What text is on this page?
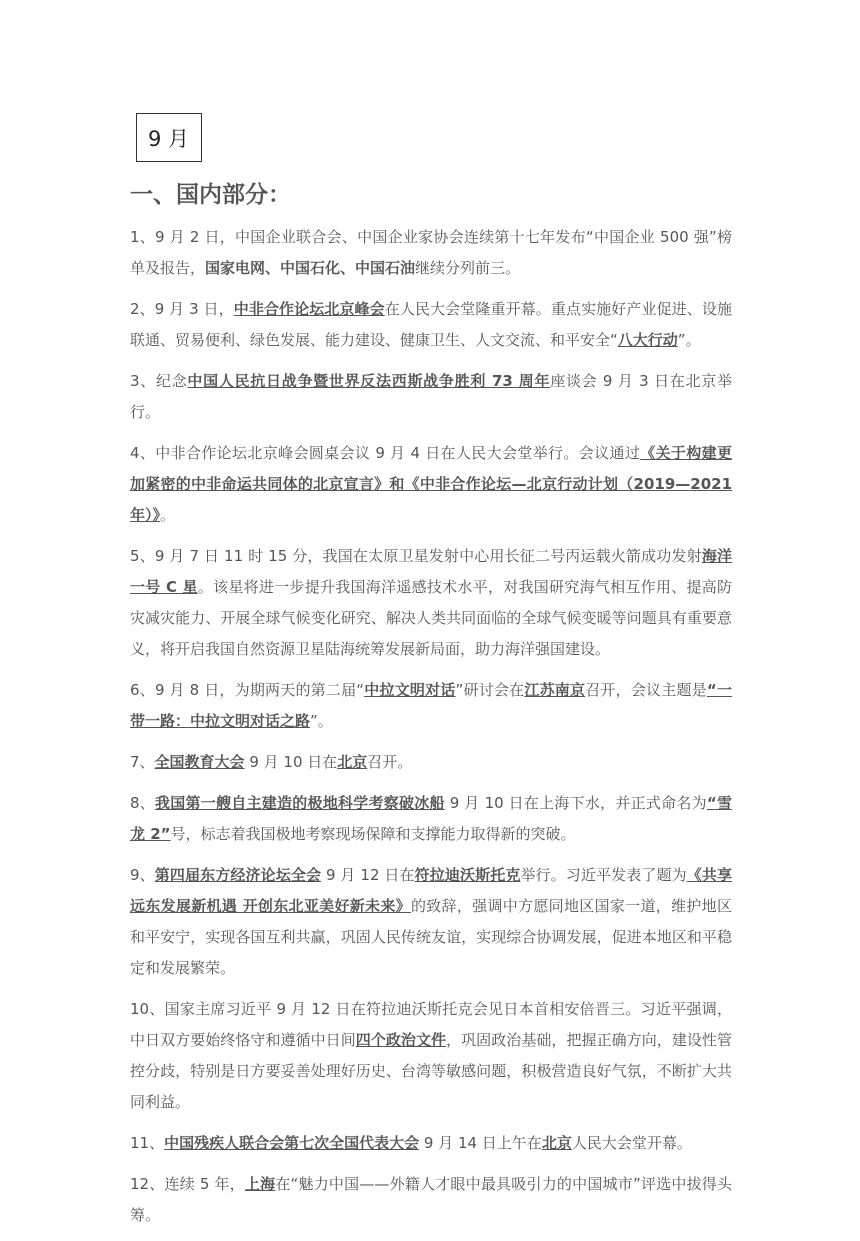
9 月
一、国内部分：

1、9 月 2 日，中国企业联合会、中国企业家协会连续第十七年发布“中国企业 500 强”榜单及报告，国家电网、中国石化、中国石油继续分列前三。

2、9 月 3 日，中非合作论坛北京峰会在人民大会堂隆重开幕。重点实施好产业促进、设施联通、贸易便利、绿色发展、能力建设、健康卫生、人文交流、和平安全“八大行动”。

3、纪念中国人民抗日战争暨世界反法西斯战争胜利 73 周年座谈会 9 月 3 日在北京举行。

4、中非合作论坛北京峰会圆桌会议 9 月 4 日在人民大会堂举行。会议通过《关于构建更加紧密的中非命运共同体的北京宣言》和《中非合作论坛—北京行动计划（2019—2021 年）》。

5、9 月 7 日 11 时 15 分，我国在太原卫星发射中心用长征二号丙运载火箭成功发射海洋一号 C 星。该星将进一步提升我国海洋遥感技术水平，对我国研究海气相互作用、提高防灾减灾能力、开展全球气候变化研究、解决人类共同面临的全球气候变暖等问题具有重要意义，将开启我国自然资源卫星陆海统筹发展新局面，助力海洋强国建设。

6、9 月 8 日，为期两天的第二届“中拉文明对话”研讨会在江苏南京召开，会议主题是“一带一路：中拉文明对话之路”。

7、全国教育大会 9 月 10 日在北京召开。

8、我国第一艘自主建造的极地科学考察破冰船 9 月 10 日在上海下水，并正式命名为“雪龙 2”号，标志着我国极地考察现场保障和支撑能力取得新的突破。

9、第四届东方经济论坛全会 9 月 12 日在符拉迪沃斯托克举行。习近平发表了题为《共享远东发展新机遇 开创东北亚美好新未来》的致辞，强调中方愿同地区国家一道，维护地区和平安宁，实现各国互利共赢，巩固人民传统友谊，实现综合协调发展，促进本地区和平稳定和发展繁荣。

10、国家主席习近平 9 月 12 日在符拉迪沃斯托克会见日本首相安倍晋三。习近平强调，中日双方要始终恪守和遵循中日间四个政治文件，巩固政治基础，把握正确方向，建设性管控分歧，特别是日方要妥善处理好历史、台湾等敏感问题，积极营造良好气氛，不断扩大共同利益。

11、中国残疾人联合会第七次全国代表大会 9 月 14 日上午在北京人民大会堂开幕。

12、连续 5 年，上海在“魅力中国——外籍人才眼中最具吸引力的中国城市”评选中拔得头筹。
